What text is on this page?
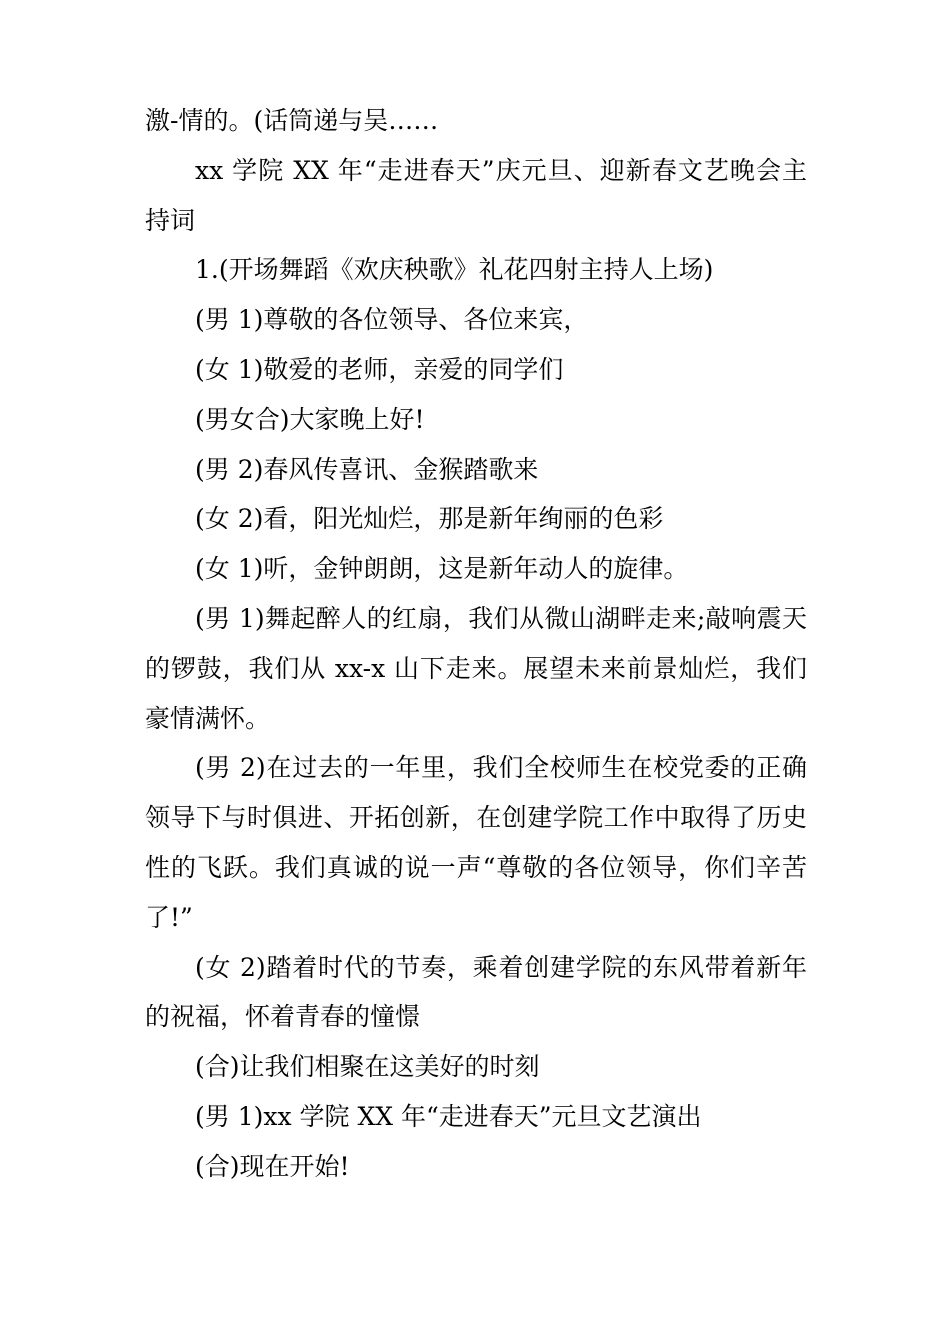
激-情的。(话筒递与吴……

xx 学院 XX 年“走进春天”庆元旦、迎新春文艺晚会主持词

1.(开场舞蹈《欢庆秧歌》礼花四射主持人上场)

(男 1)尊敬的各位领导、各位来宾，

(女 1)敬爱的老师，亲爱的同学们

(男女合)大家晚上好!

(男 2)春风传喜讯、金猴踏歌来

(女 2)看，阳光灿烂，那是新年绚丽的色彩

(女 1)听，金钟朗朗，这是新年动人的旋律。

(男 1)舞起醉人的红扇，我们从微山湖畔走来;敲响震天的锣鼓，我们从 xx-x 山下走来。展望未来前景灿烂，我们豪情满怀。

(男 2)在过去的一年里，我们全校师生在校党委的正确领导下与时俱进、开拓创新，在创建学院工作中取得了历史性的飞跃。我们真诚的说一声“尊敬的各位领导，你们辛苦了!”

(女 2)踏着时代的节奏，乘着创建学院的东风带着新年的祝福，怀着青春的憧憬

(合)让我们相聚在这美好的时刻

(男 1)xx 学院 XX 年“走进春天”元旦文艺演出

(合)现在开始!
